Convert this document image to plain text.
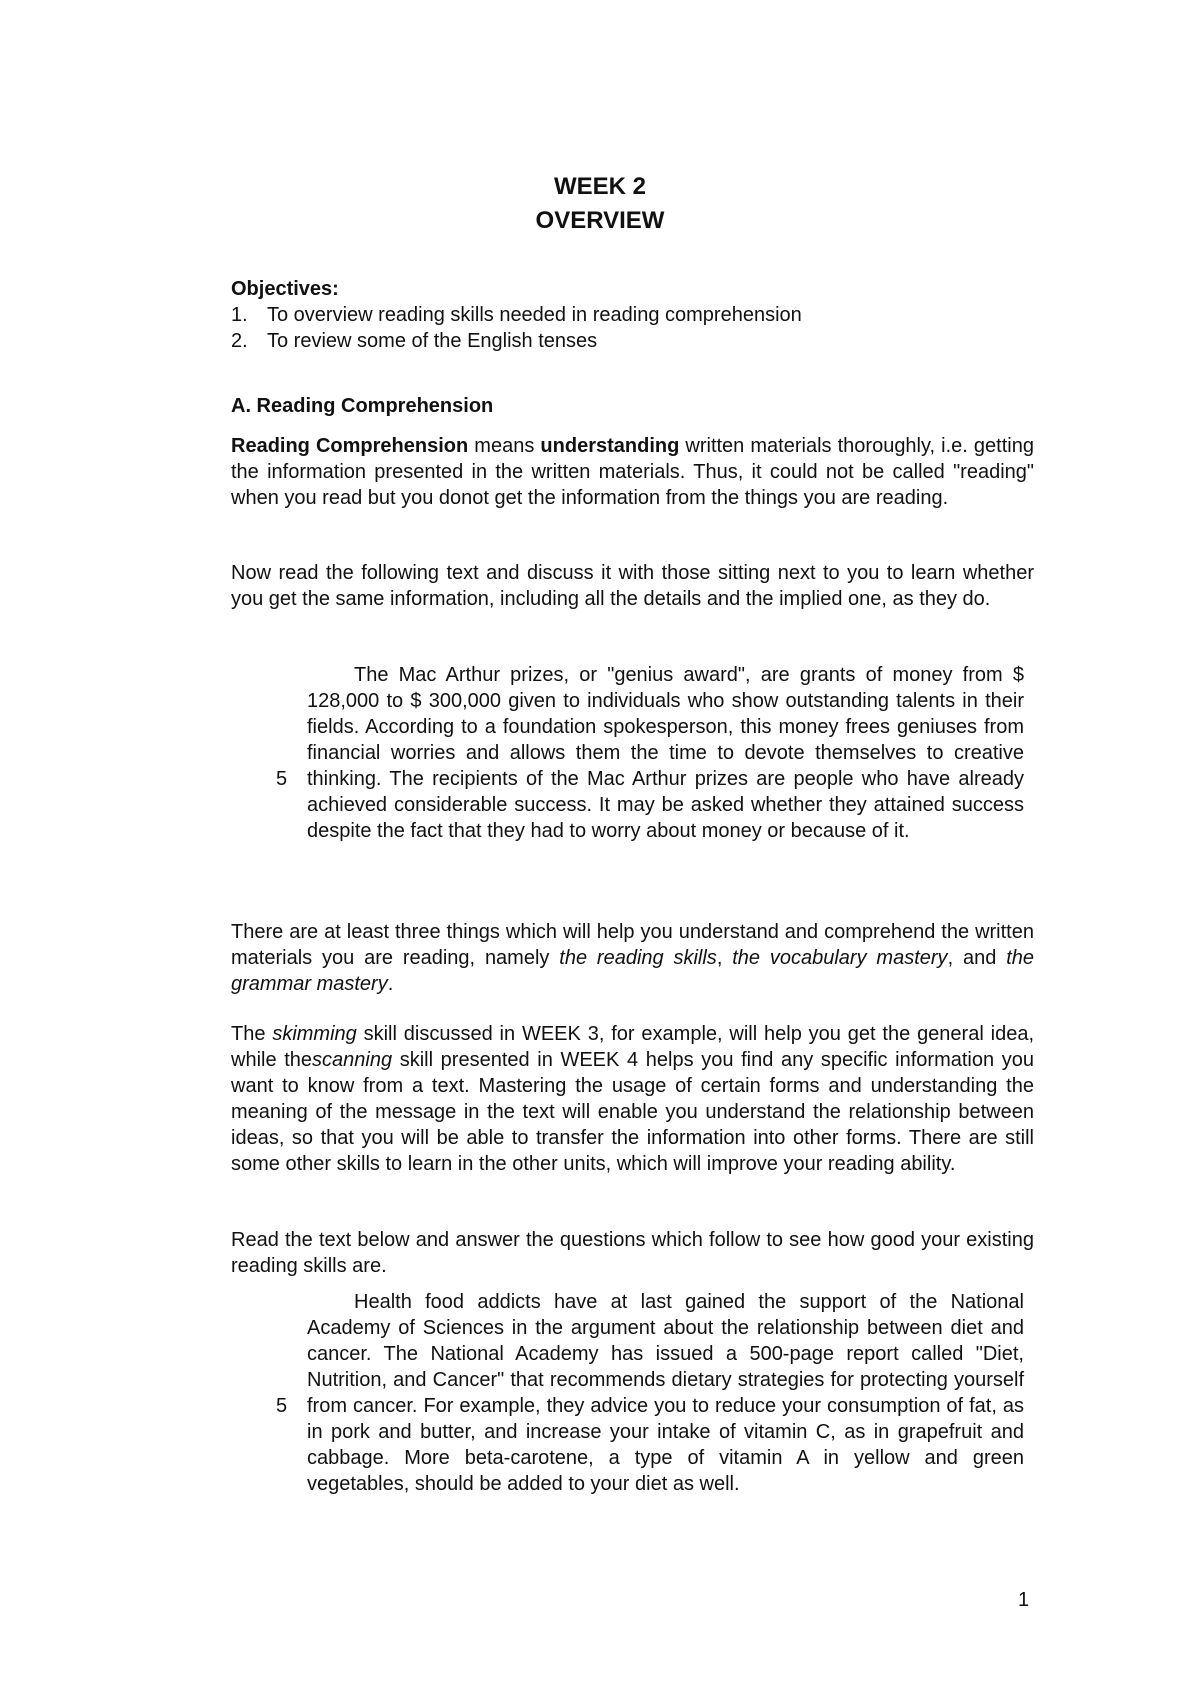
WEEK 2
OVERVIEW
Objectives:
1. To overview reading skills needed in reading comprehension
2. To review some of the English tenses
A. Reading Comprehension
Reading Comprehension means understanding written materials thoroughly, i.e. getting the information presented in the written materials. Thus, it could not be called "reading" when you read but you donot get the information from the things you are reading.
Now read the following text and discuss it with those sitting next to you to learn whether you get the same information, including all the details and the implied one, as they do.

The Mac Arthur prizes, or "genius award", are grants of money from $ 128,000 to $ 300,000 given to individuals who show outstanding talents in their fields. According to a foundation spokesperson, this money frees geniuses from financial worries and allows them the time to devote themselves to creative thinking. The recipients of the Mac Arthur prizes are people who have already achieved considerable success. It may be asked whether they attained success despite the fact that they had to worry about money or because of it.

5
There are at least three things which will help you understand and comprehend the written materials you are reading, namely the reading skills, the vocabulary mastery, and the grammar mastery.
The skimming skill discussed in WEEK 3, for example, will help you get the general idea, while thescanning skill presented in WEEK 4 helps you find any specific information you want to know from a text. Mastering the usage of certain forms and understanding the meaning of the message in the text will enable you understand the relationship between ideas, so that you will be able to transfer the information into other forms. There are still some other skills to learn in the other units, which will improve your reading ability.
Read the text below and answer the questions which follow to see how good your existing reading skills are.

Health food addicts have at last gained the support of the National Academy of Sciences in the argument about the relationship between diet and cancer. The National Academy has issued a 500-page report called "Diet, Nutrition, and Cancer" that recommends dietary strategies for protecting yourself from cancer. For example, they advice you to reduce your consumption of fat, as in pork and butter, and increase your intake of vitamin C, as in grapefruit and cabbage. More beta-carotene, a type of vitamin A in yellow and green vegetables, should be added to your diet as well.

5
1
